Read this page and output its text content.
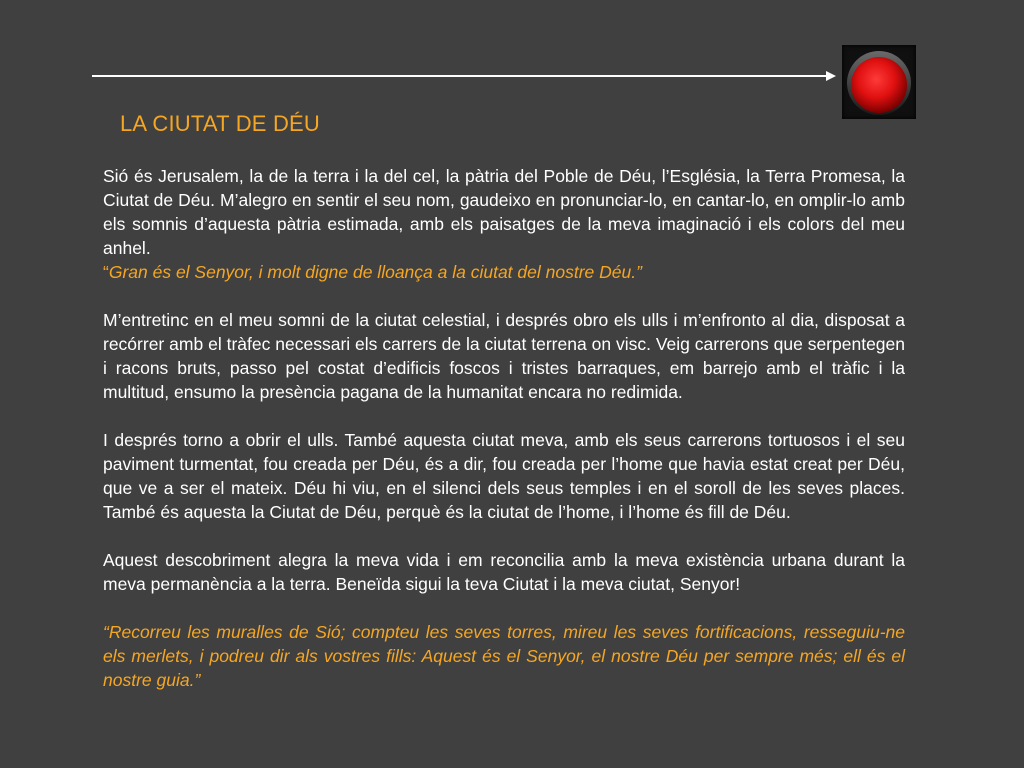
LA CIUTAT DE DÉU

Sió és Jerusalem, la de la terra i la del cel, la pàtria del Poble de Déu, l’Església, la Terra Promesa, la Ciutat de Déu. M’alegro en sentir el seu nom, gaudeixo en pronunciar-lo, en cantar-lo, en omplir-lo amb els somnis d’aquesta pàtria estimada, amb els paisatges de la meva imaginació i els colors del meu anhel.

“Gran és el Senyor, i molt digne de lloança a la ciutat del nostre Déu.”

M’entretinc en el meu somni de la ciutat celestial, i després obro els ulls i m’enfronto al dia, disposat a recórrer amb el tràfec necessari els carrers de la ciutat terrena on visc. Veig carrerons que serpentegen i racons bruts, passo pel costat d’edificis foscos i tristes barraques, em barrejo amb el tràfic i la multitud, ensumo la presència pagana de la humanitat encara no redimida.

I després torno a obrir el ulls. També aquesta ciutat meva, amb els seus carrerons tortuosos i el seu paviment turmentat, fou creada per Déu, és a dir, fou creada per l’home que havia estat creat per Déu, que ve a ser el mateix. Déu hi viu, en el silenci dels seus temples i en el soroll de les seves places. També és aquesta la Ciutat de Déu, perquè és la ciutat de l’home, i l’home és fill de Déu.

Aquest descobriment alegra la meva vida i em reconcilia amb la meva existència urbana durant la meva permanència a la terra. Beneïda sigui la teva Ciutat i la meva ciutat, Senyor!

“Recorreu les muralles de Sió; compteu les seves torres, mireu les seves fortificacions, resseguiu-ne els merlets, i podreu dir als vostres fills: Aquest és el Senyor, el nostre Déu per sempre més; ell és el nostre guia.”
